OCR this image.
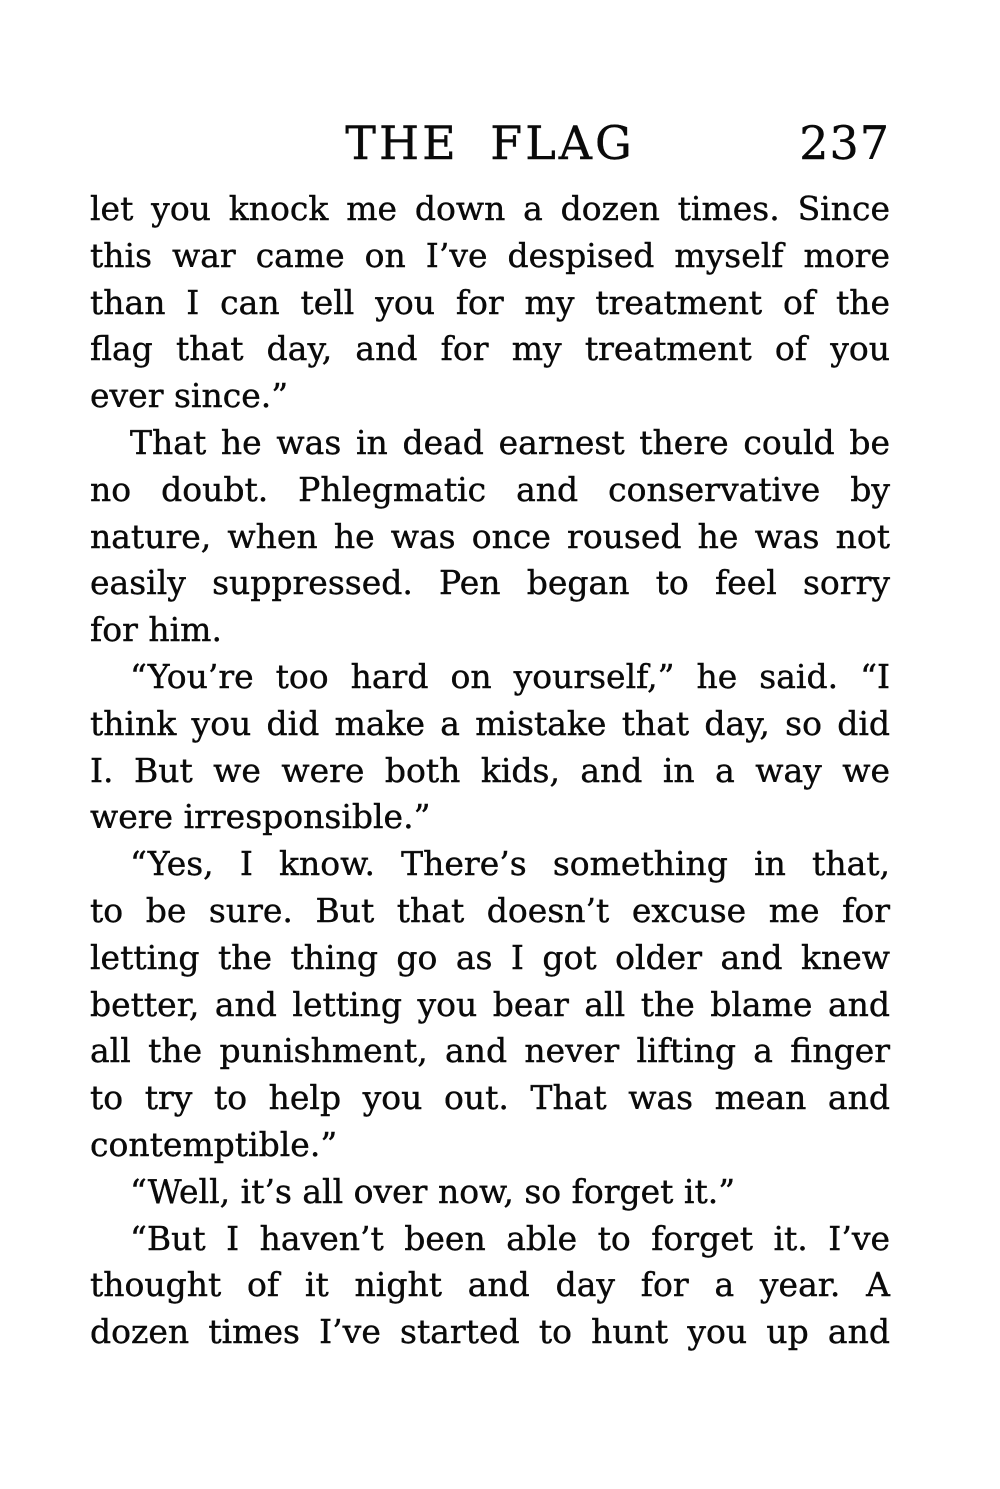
THE FLAG	237

let you knock me down a dozen times. Since
this war came on I’ve despised myself more
than I can tell you for my treatment of the
flag that day, and for my treatment of you
ever since.”

That he was in dead earnest there could be
no doubt. Phlegmatic and conservative by
nature, when he was once roused he was not
easily suppressed. Pen began to feel sorry
for him.

“You’re too hard on yourself,” he said. “I
think you did make a mistake that day, so did
I. But we were both kids, and in a way we
were irresponsible.”

“Yes, I know. There’s something in that,
to be sure. But that doesn’t excuse me for
letting the thing go as I got older and knew
better, and letting you bear all the blame and
all the punishment, and never lifting a finger
to try to help you out. That was mean and
contemptible.”

“Well, it’s all over now, so forget it.”

“But I haven’t been able to forget it. I’ve
thought of it night and day for a year. A
dozen times I’ve started to hunt you up and
